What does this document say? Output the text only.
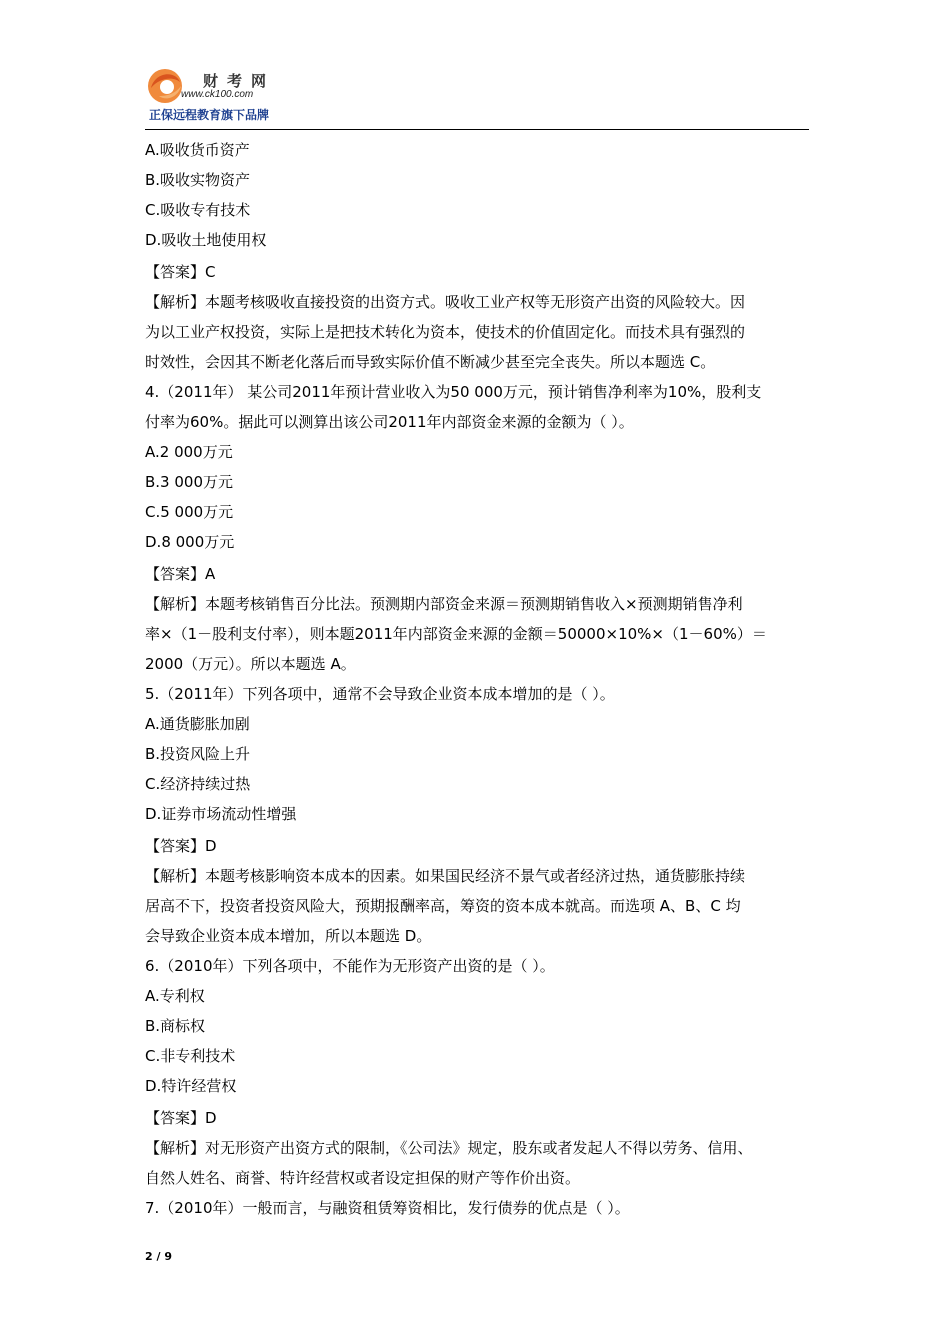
财考网
www.ck100.com
正保远程教育旗下品牌
A.吸收货币资产
B.吸收实物资产
C.吸收专有技术
D.吸收土地使用权
【答案】C
【解析】本题考核吸收直接投资的出资方式。吸收工业产权等无形资产出资的风险较大。因
为以工业产权投资，实际上是把技术转化为资本，使技术的价值固定化。而技术具有强烈的
时效性，会因其不断老化落后而导致实际价值不断减少甚至完全丧失。所以本题选 C。
4.（2011年） 某公司2011年预计营业收入为50 000万元，预计销售净利率为10%，股利支
付率为60%。据此可以测算出该公司2011年内部资金来源的金额为（ ）。
A.2 000万元
B.3 000万元
C.5 000万元
D.8 000万元
【答案】A
【解析】本题考核销售百分比法。预测期内部资金来源＝预测期销售收入×预测期销售净利
率×（1－股利支付率），则本题2011年内部资金来源的金额＝50000×10%×（1－60%）＝
2000（万元）。所以本题选 A。
5.（2011年）下列各项中，通常不会导致企业资本成本增加的是（ ）。
A.通货膨胀加剧
B.投资风险上升
C.经济持续过热
D.证券市场流动性增强
【答案】D
【解析】本题考核影响资本成本的因素。如果国民经济不景气或者经济过热，通货膨胀持续
居高不下，投资者投资风险大，预期报酬率高，筹资的资本成本就高。而选项 A、B、C 均
会导致企业资本成本增加，所以本题选 D。
6.（2010年）下列各项中，不能作为无形资产出资的是（ ）。
A.专利权
B.商标权
C.非专利技术
D.特许经营权
【答案】D
【解析】对无形资产出资方式的限制，《公司法》规定，股东或者发起人不得以劳务、信用、
自然人姓名、商誉、特许经营权或者设定担保的财产等作价出资。
7.（2010年）一般而言，与融资租赁筹资相比，发行债券的优点是（ ）。
2 / 9
